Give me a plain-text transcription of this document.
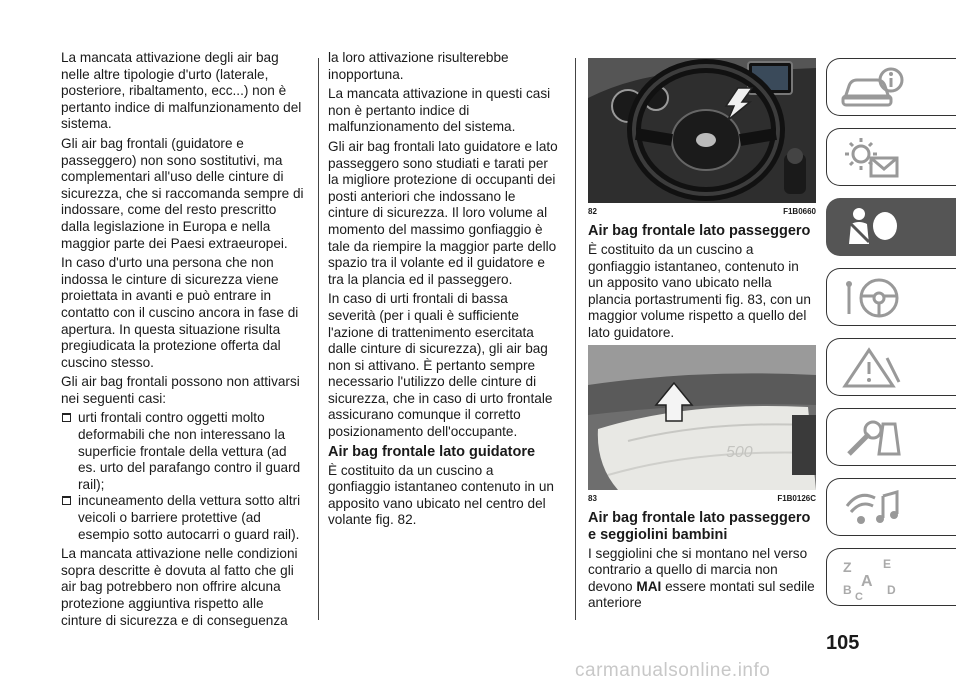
La mancata attivazione degli air bag nelle altre tipologie d'urto (laterale, posteriore, ribaltamento, ecc...) non è pertanto indice di malfunzionamento del sistema.

Gli air bag frontali (guidatore e passeggero) non sono sostitutivi, ma complementari all'uso delle cinture di sicurezza, che si raccomanda sempre di indossare, come del resto prescritto dalla legislazione in Europa e nella maggior parte dei Paesi extraeuropei.

In caso d'urto una persona che non indossa le cinture di sicurezza viene proiettata in avanti e può entrare in contatto con il cuscino ancora in fase di apertura. In questa situazione risulta pregiudicata la protezione offerta dal cuscino stesso.

Gli air bag frontali possono non attivarsi nei seguenti casi:

urti frontali contro oggetti molto deformabili che non interessano la superficie frontale della vettura (ad es. urto del parafango contro il guard rail);
incuneamento della vettura sotto altri veicoli o barriere protettive (ad esempio sotto autocarri o guard rail).

La mancata attivazione nelle condizioni sopra descritte è dovuta al fatto che gli air bag potrebbero non offrire alcuna protezione aggiuntiva rispetto alle cinture di sicurezza e di conseguenza

la loro attivazione risulterebbe inopportuna.

La mancata attivazione in questi casi non è pertanto indice di malfunzionamento del sistema.

Gli air bag frontali lato guidatore e lato passeggero sono studiati e tarati per la migliore protezione di occupanti dei posti anteriori che indossano le cinture di sicurezza. Il loro volume al momento del massimo gonfiaggio è tale da riempire la maggior parte dello spazio tra il volante ed il guidatore e tra la plancia ed il passeggero.

In caso di urti frontali di bassa severità (per i quali è sufficiente l'azione di trattenimento esercitata dalle cinture di sicurezza), gli air bag non si attivano. È pertanto sempre necessario l'utilizzo delle cinture di sicurezza, che in caso di urto frontale assicurano comunque il corretto posizionamento dell'occupante.

Air bag frontale lato guidatore

È costituito da un cuscino a gonfiaggio istantaneo contenuto in un apposito vano ubicato nel centro del volante fig. 82.

82	F1B0660
Air bag frontale lato passeggero

È costituito da un cuscino a gonfiaggio istantaneo, contenuto in un apposito vano ubicato nella plancia portastrumenti fig. 83, con un maggior volume rispetto a quello del lato guidatore.

500
83	F1B0126C
Air bag frontale lato passeggero e seggiolini bambini

I seggiolini che si montano nel verso contrario a quello di marcia non devono MAI essere montati sul sedile anteriore

Z	E
A
B C D
105
carmanualsonline.info
